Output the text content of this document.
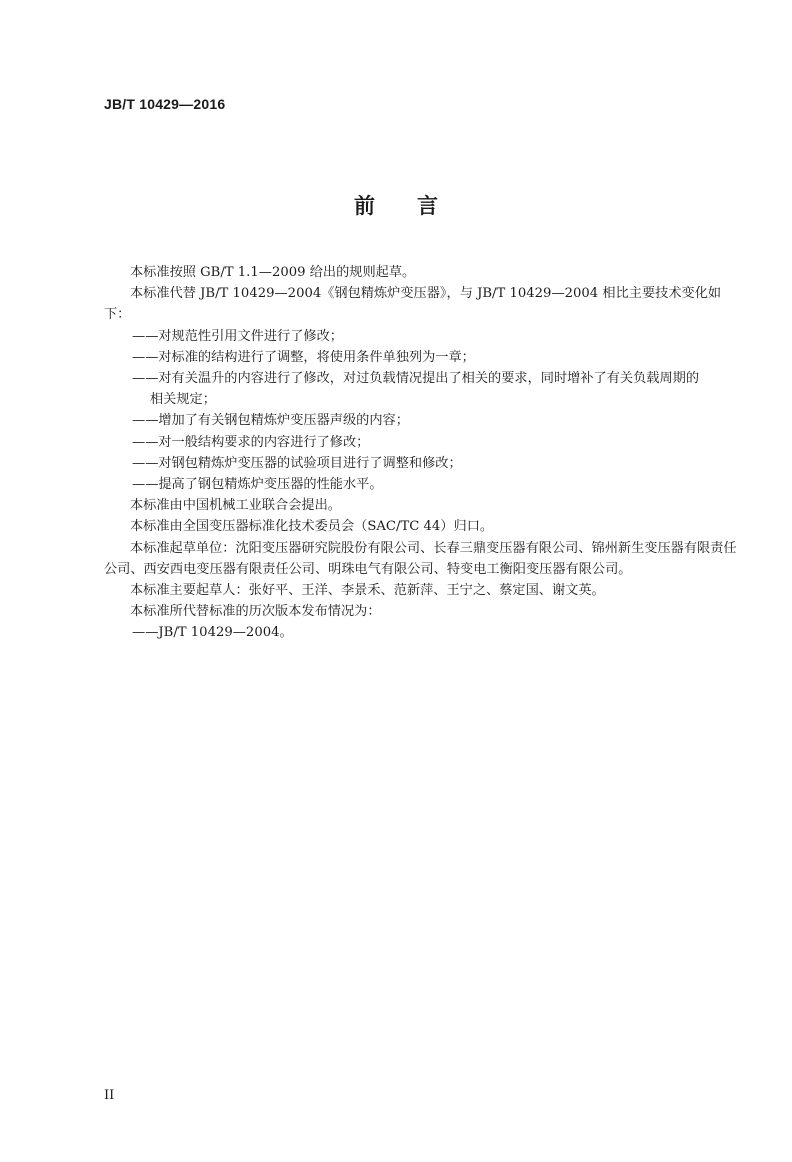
JB/T 10429—2016
前言

本标准按照 GB/T 1.1—2009 给出的规则起草。

本标准代替 JB/T 10429—2004《钢包精炼炉变压器》，与 JB/T 10429—2004 相比主要技术变化如下：

——对规范性引用文件进行了修改；

——对标准的结构进行了调整，将使用条件单独列为一章；

——对有关温升的内容进行了修改，对过负载情况提出了相关的要求，同时增补了有关负载周期的
相关规定；

——增加了有关钢包精炼炉变压器声级的内容；

——对一般结构要求的内容进行了修改；

——对钢包精炼炉变压器的试验项目进行了调整和修改；

——提高了钢包精炼炉变压器的性能水平。

本标准由中国机械工业联合会提出。

本标准由全国变压器标准化技术委员会（SAC/TC 44）归口。

本标准起草单位：沈阳变压器研究院股份有限公司、长春三鼎变压器有限公司、锦州新生变压器有限责任公司、西安西电变压器有限责任公司、明珠电气有限公司、特变电工衡阳变压器有限公司。

本标准主要起草人：张好平、王洋、李景禾、范新萍、王宁之、蔡定国、谢文英。

本标准所代替标准的历次版本发布情况为：

——JB/T 10429—2004。

II
